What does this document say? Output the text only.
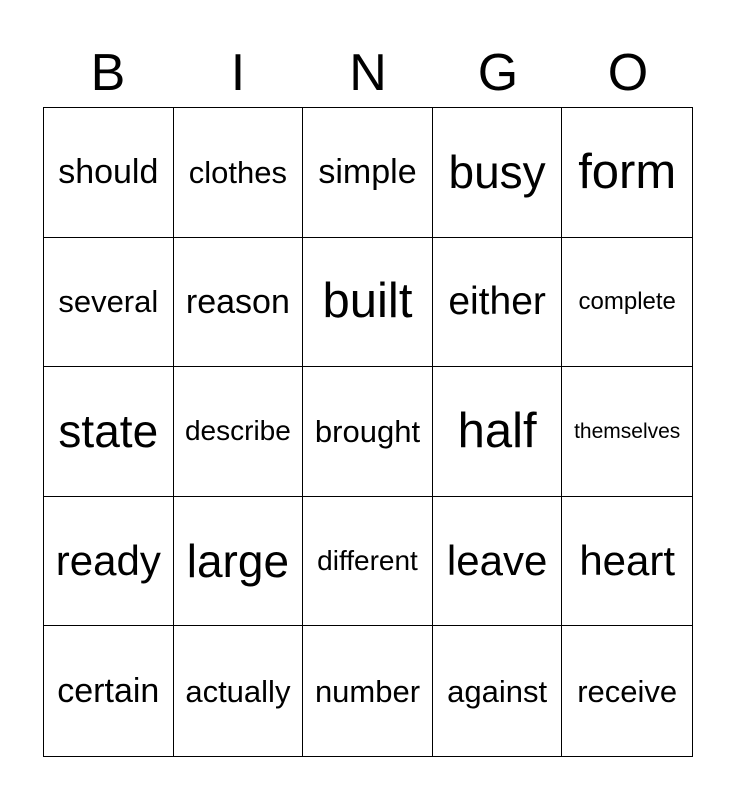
B	I	N	G	O
should clothes simple busy form
several reason built either	complete
state describe brought half	themselves
ready large	different leave heart
certain actually number against receive
